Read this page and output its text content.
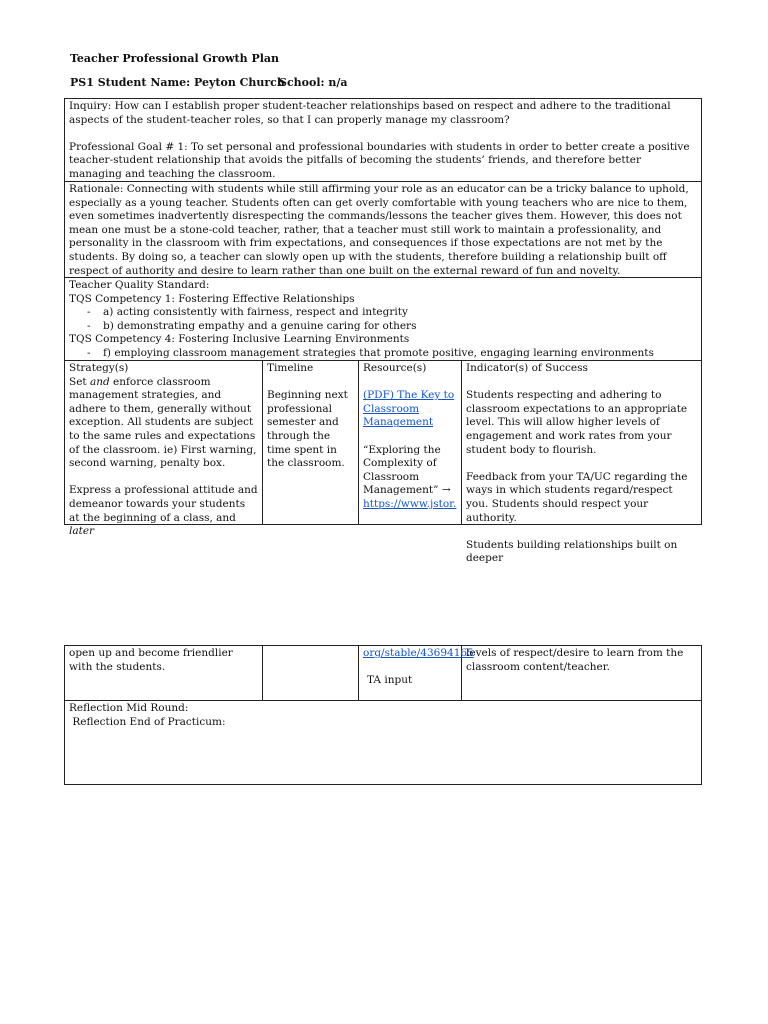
Teacher Professional Growth Plan
PS1 Student Name: Peyton Church
School: n/a

Inquiry: How can I establish proper student-teacher relationships based on respect and adhere to the traditional aspects of the student-teacher roles, so that I can properly manage my classroom?

Professional Goal # 1: To set personal and professional boundaries with students in order to better create a positive teacher-student relationship that avoids the pitfalls of becoming the students’ friends, and therefore better managing and teaching the classroom.

Rationale: Connecting with students while still affirming your role as an educator can be a tricky balance to uphold, especially as a young teacher. Students often can get overly comfortable with young teachers who are nice to them, even sometimes inadvertently disrespecting the commands/lessons the teacher gives them. However, this does not mean one must be a stone-cold teacher, rather, that a teacher must still work to maintain a professionality, and personality in the classroom with frim expectations, and consequences if those expectations are not met by the students. By doing so, a teacher can slowly open up with the students, therefore building a relationship built off respect of authority and desire to learn rather than one built on the external reward of fun and novelty.

Teacher Quality Standard:

TQS Competency 1: Fostering Effective Relationships

- a) acting consistently with fairness, respect and integrity
- b) demonstrating empathy and a genuine caring for others

TQS Competency 4: Fostering Inclusive Learning Environments

- f) employing classroom management strategies that promote positive, engaging learning environments

Strategy(s)

Set and enforce classroom management strategies, and adhere to them, generally without exception. All students are subject to the same rules and expectations of the classroom. ie) First warning, second warning, penalty box.

Express a professional attitude and demeanor towards your students at the beginning of a class, and later

Timeline

Beginning next professional semester and through the time spent in the classroom.

Resource(s)

(PDF) The Key to Classroom Management

“Exploring the Complexity of Classroom Management” →

https://www.jstor.

Indicator(s) of Success

Students respecting and adhering to classroom expectations to an appropriate level. This will allow higher levels of engagement and work rates from your student body to flourish.

Feedback from your TA/UC regarding the ways in which students regard/respect you. Students should respect your authority.

Students building relationships built on deeper

open up and become friendlier with the students.

org/stable/43694165

TA input

levels of respect/desire to learn from the classroom content/teacher.

Reflection Mid Round:

Reflection End of Practicum:
